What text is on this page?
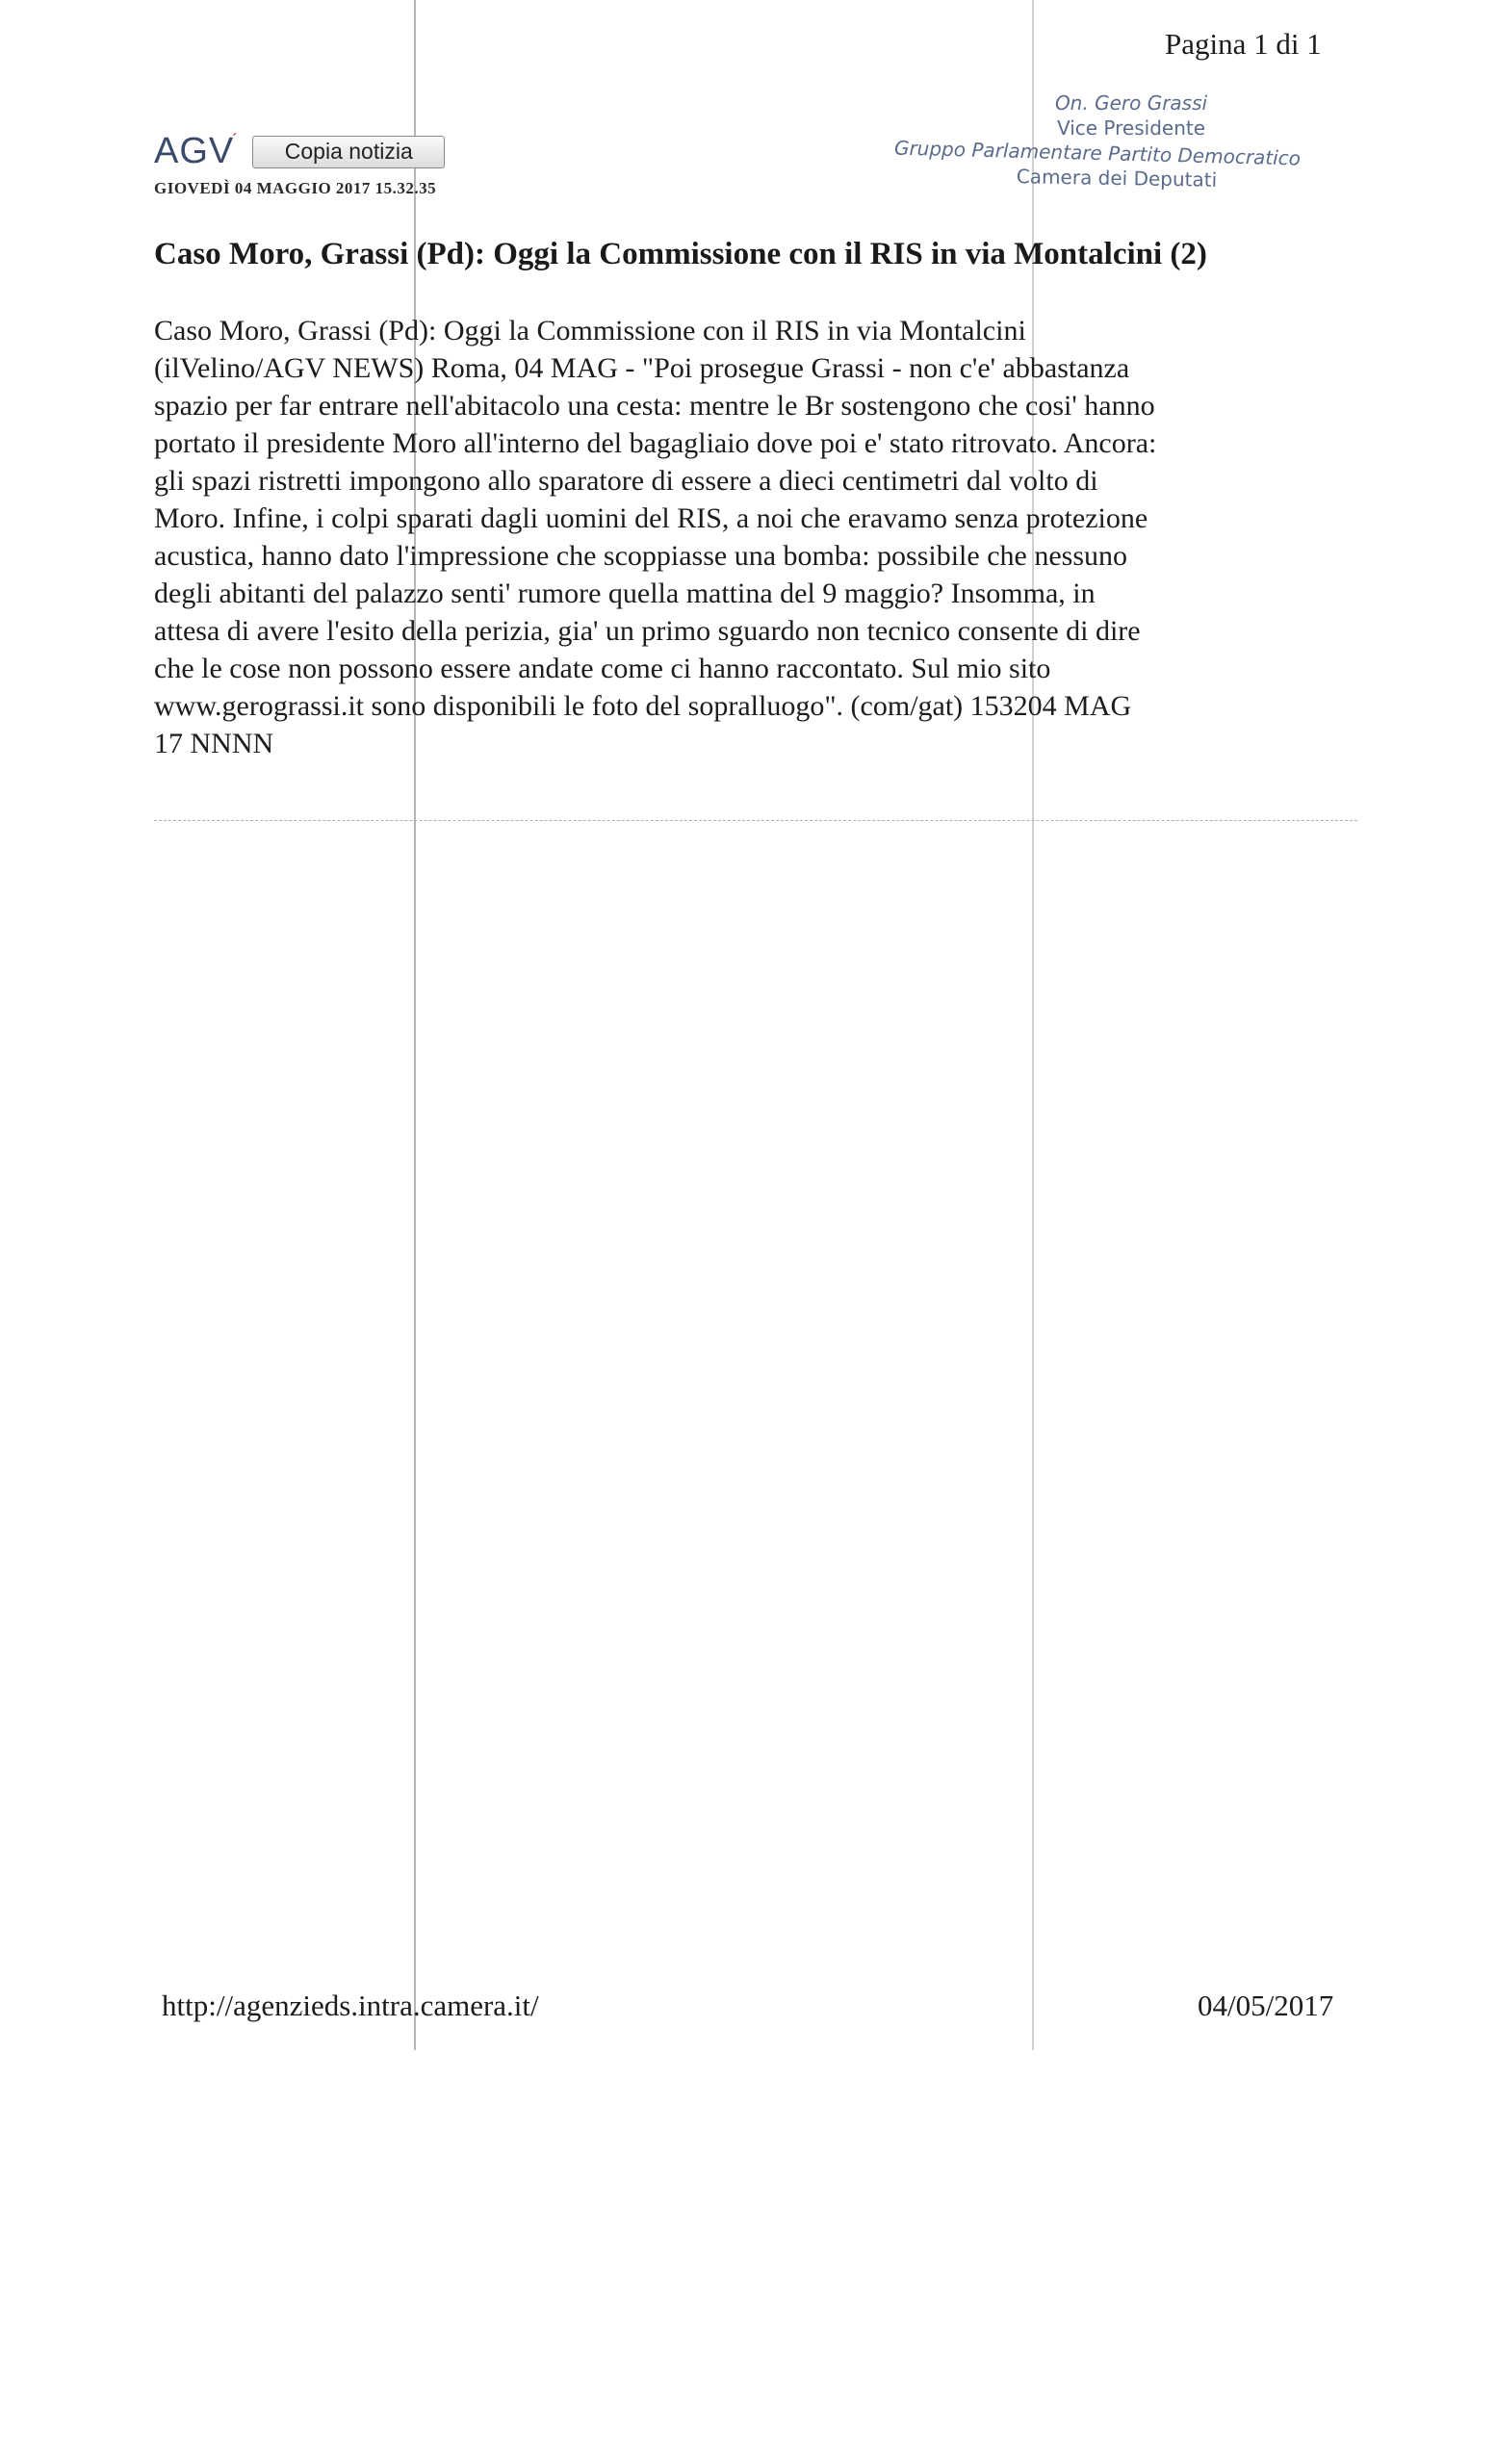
Pagina 1 di 1
AGV´	Copia notizia
GIOVEDÌ 04 MAGGIO 2017 15.32.35
On. Gero Grassi
Vice Presidente
Gruppo Parlamentare Partito Democratico
Camera dei Deputati
Caso Moro, Grassi (Pd): Oggi la Commissione con il RIS in via Montalcini (2)
Caso Moro, Grassi (Pd): Oggi la Commissione con il RIS in via Montalcini
(ilVelino/AGV NEWS) Roma, 04 MAG - "Poi prosegue Grassi - non c'e' abbastanza
spazio per far entrare nell'abitacolo una cesta: mentre le Br sostengono che cosi' hanno
portato il presidente Moro all'interno del bagagliaio dove poi e' stato ritrovato. Ancora:
gli spazi ristretti impongono allo sparatore di essere a dieci centimetri dal volto di
Moro. Infine, i colpi sparati dagli uomini del RIS, a noi che eravamo senza protezione
acustica, hanno dato l'impressione che scoppiasse una bomba: possibile che nessuno
degli abitanti del palazzo senti' rumore quella mattina del 9 maggio? Insomma, in
attesa di avere l'esito della perizia, gia' un primo sguardo non tecnico consente di dire
che le cose non possono essere andate come ci hanno raccontato. Sul mio sito
www.gerograssi.it sono disponibili le foto del sopralluogo". (com/gat) 153204 MAG
17 NNNN
http://agenzieds.intra.camera.it/	04/05/2017
